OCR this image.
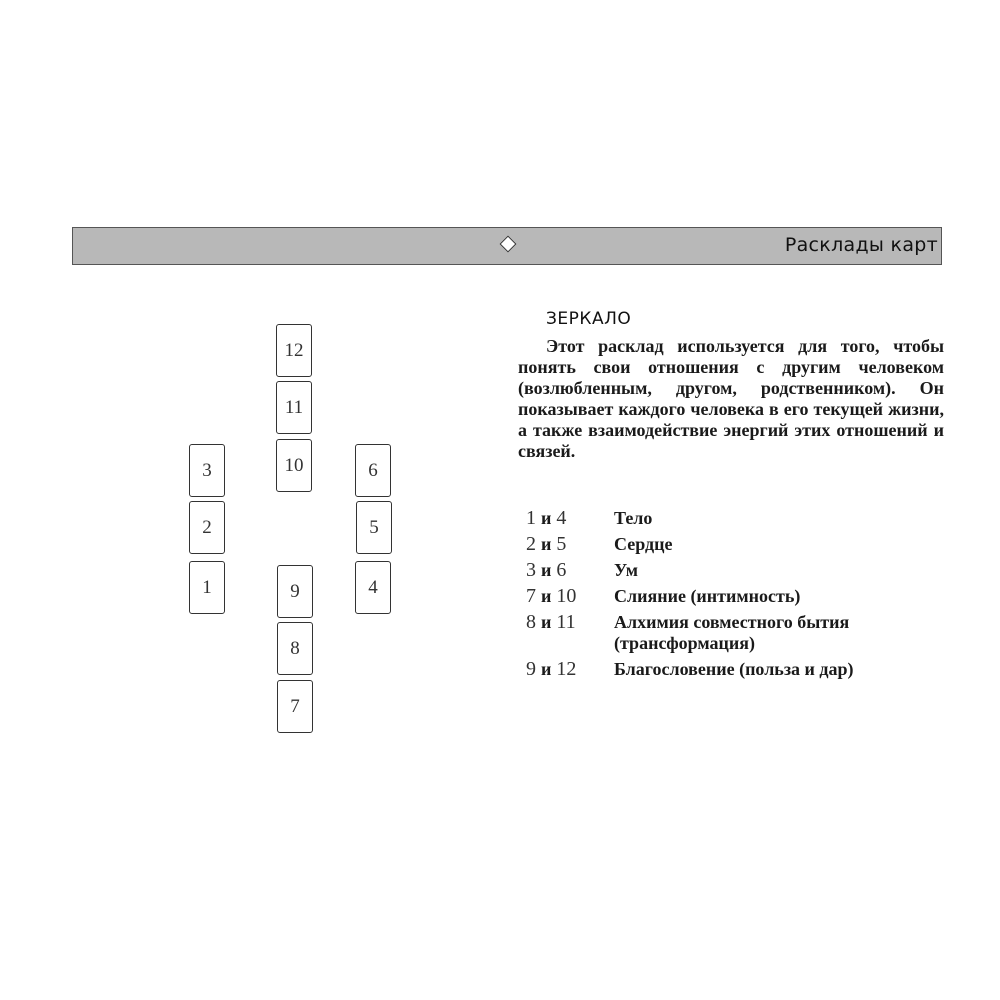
Расклады карт
1
2
3
4
5
6
7
8
9
10
11
12
ЗЕРКАЛО

Этот расклад используется для того, чтобы понять свои отношения с другим человеком (возлюбленным, другом, родственником). Он показывает каждого человека в его текущей жизни, а также взаимодействие энергий этих отношений и связей.

1 и 4	Тело
2 и 5	Сердце
3 и 6	Ум
7 и 10	Слияние (интимность)
8 и 11	Алхимия совместного бытия (трансформация)
9 и 12	Благословение (польза и дар)
